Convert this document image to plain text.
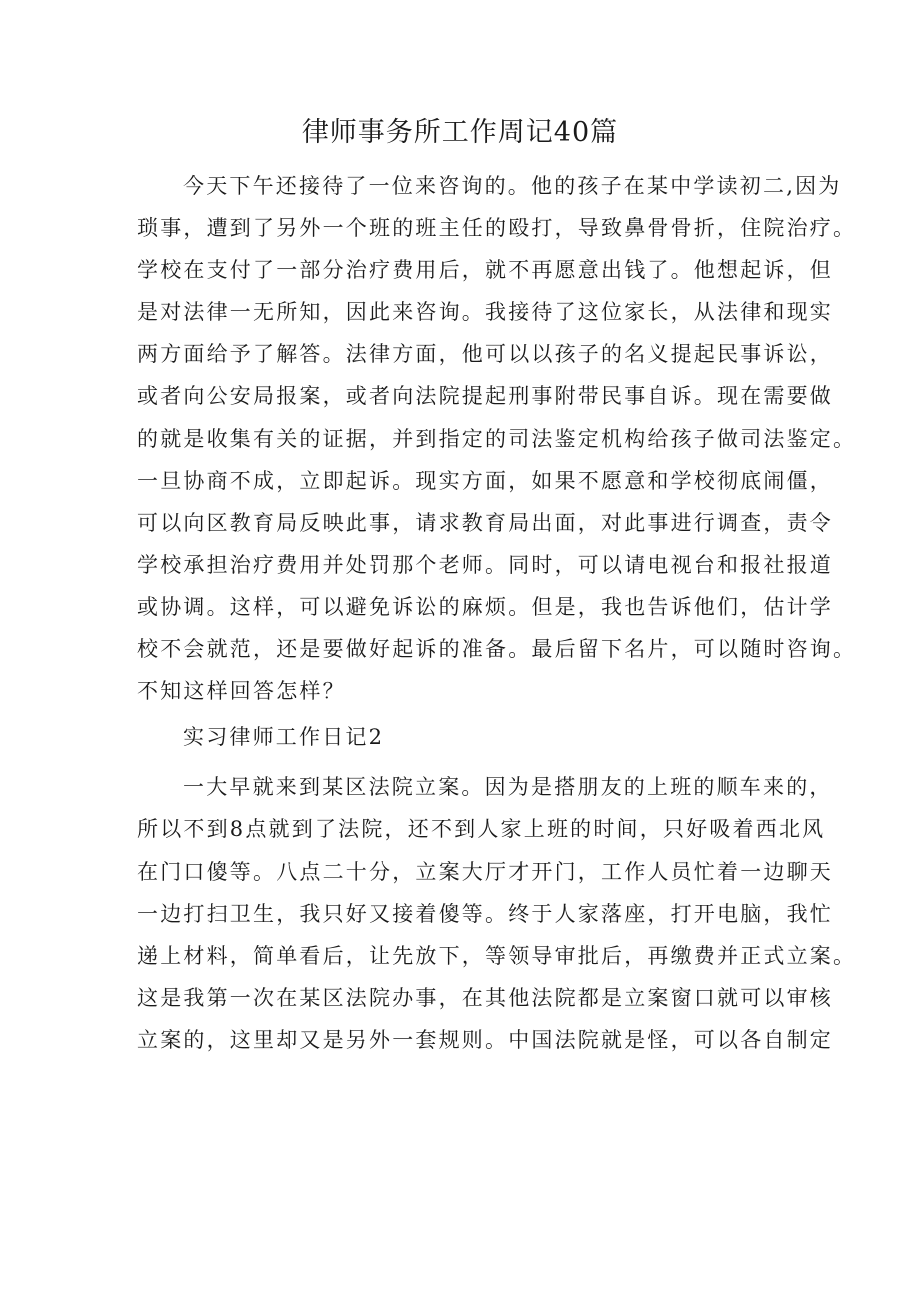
律师事务所工作周记40篇
今天下午还接待了一位来咨询的。他的孩子在某中学读初二,因为
琐事，遭到了另外一个班的班主任的殴打，导致鼻骨骨折，住院治疗。
学校在支付了一部分治疗费用后，就不再愿意出钱了。他想起诉，但
是对法律一无所知，因此来咨询。我接待了这位家长，从法律和现实
两方面给予了解答。法律方面，他可以以孩子的名义提起民事诉讼，
或者向公安局报案，或者向法院提起刑事附带民事自诉。现在需要做
的就是收集有关的证据，并到指定的司法鉴定机构给孩子做司法鉴定。
一旦协商不成，立即起诉。现实方面，如果不愿意和学校彻底闹僵，
可以向区教育局反映此事，请求教育局出面，对此事进行调查，责令
学校承担治疗费用并处罚那个老师。同时，可以请电视台和报社报道
或协调。这样，可以避免诉讼的麻烦。但是，我也告诉他们，估计学
校不会就范，还是要做好起诉的准备。最后留下名片，可以随时咨询。
不知这样回答怎样？
实习律师工作日记2
一大早就来到某区法院立案。因为是搭朋友的上班的顺车来的，
所以不到8点就到了法院，还不到人家上班的时间，只好吸着西北风
在门口傻等。八点二十分，立案大厅才开门，工作人员忙着一边聊天
一边打扫卫生，我只好又接着傻等。终于人家落座，打开电脑，我忙
递上材料，简单看后，让先放下，等领导审批后，再缴费并正式立案。
这是我第一次在某区法院办事，在其他法院都是立案窗口就可以审核
立案的，这里却又是另外一套规则。中国法院就是怪，可以各自制定
